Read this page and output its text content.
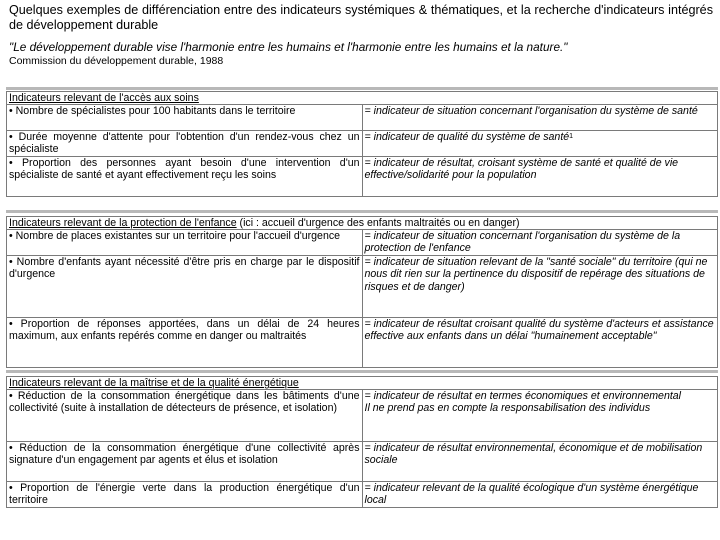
Quelques exemples de différenciation entre des indicateurs systémiques & thématiques, et la recherche d'indicateurs intégrés de développement durable
"Le développement durable vise l'harmonie entre les humains et l'harmonie entre les humains et la nature."
Commission du développement durable, 1988
Indicateurs relevant de l'accès aux soins	
• Nombre de spécialistes pour 100 habitants dans le territoire	= indicateur de situation concernant l'organisation du système de santé
• Durée moyenne d'attente pour l'obtention d'un rendez-vous chez un spécialiste	= indicateur de qualité du système de santé$^1$
• Proportion des personnes ayant besoin d'une intervention d'un spécialiste de santé et ayant effectivement reçu les soins	= indicateur de résultat, croisant système de santé et qualité de vie effective/solidarité pour la population
Indicateurs relevant de la protection de l'enfance (ici : accueil d'urgence des enfants maltraités ou en danger)	
• Nombre de places existantes sur un territoire pour l'accueil d'urgence	= indicateur de situation concernant l'organisation du système de la protection de l'enfance
• Nombre d'enfants ayant nécessité d'être pris en charge par le dispositif d'urgence	= indicateur de situation relevant de la "santé sociale" du territoire (qui ne nous dit rien sur la pertinence du dispositif de repérage des situations de risques et de danger)
• Proportion de réponses apportées, dans un délai de 24 heures maximum, aux enfants repérés comme en danger ou maltraités	= indicateur de résultat croisant qualité du système d'acteurs et assistance effective aux enfants dans un délai "humainement acceptable"
Indicateurs relevant de la maîtrise et de la qualité énergétique	
• Réduction de la consommation énergétique dans les bâtiments d'une collectivité (suite à installation de détecteurs de présence, et isolation)	= indicateur de résultat en termes économiques et environnemental
Il ne prend pas en compte la responsabilisation des individus

• Réduction de la consommation énergétique d'une collectivité après signature d'un engagement par agents et élus et isolation	= indicateur de résultat environnemental, économique et de mobilisation sociale
• Proportion de l'énergie verte dans la production énergétique d'un territoire	= indicateur relevant de la qualité écologique d'un système énergétique local
